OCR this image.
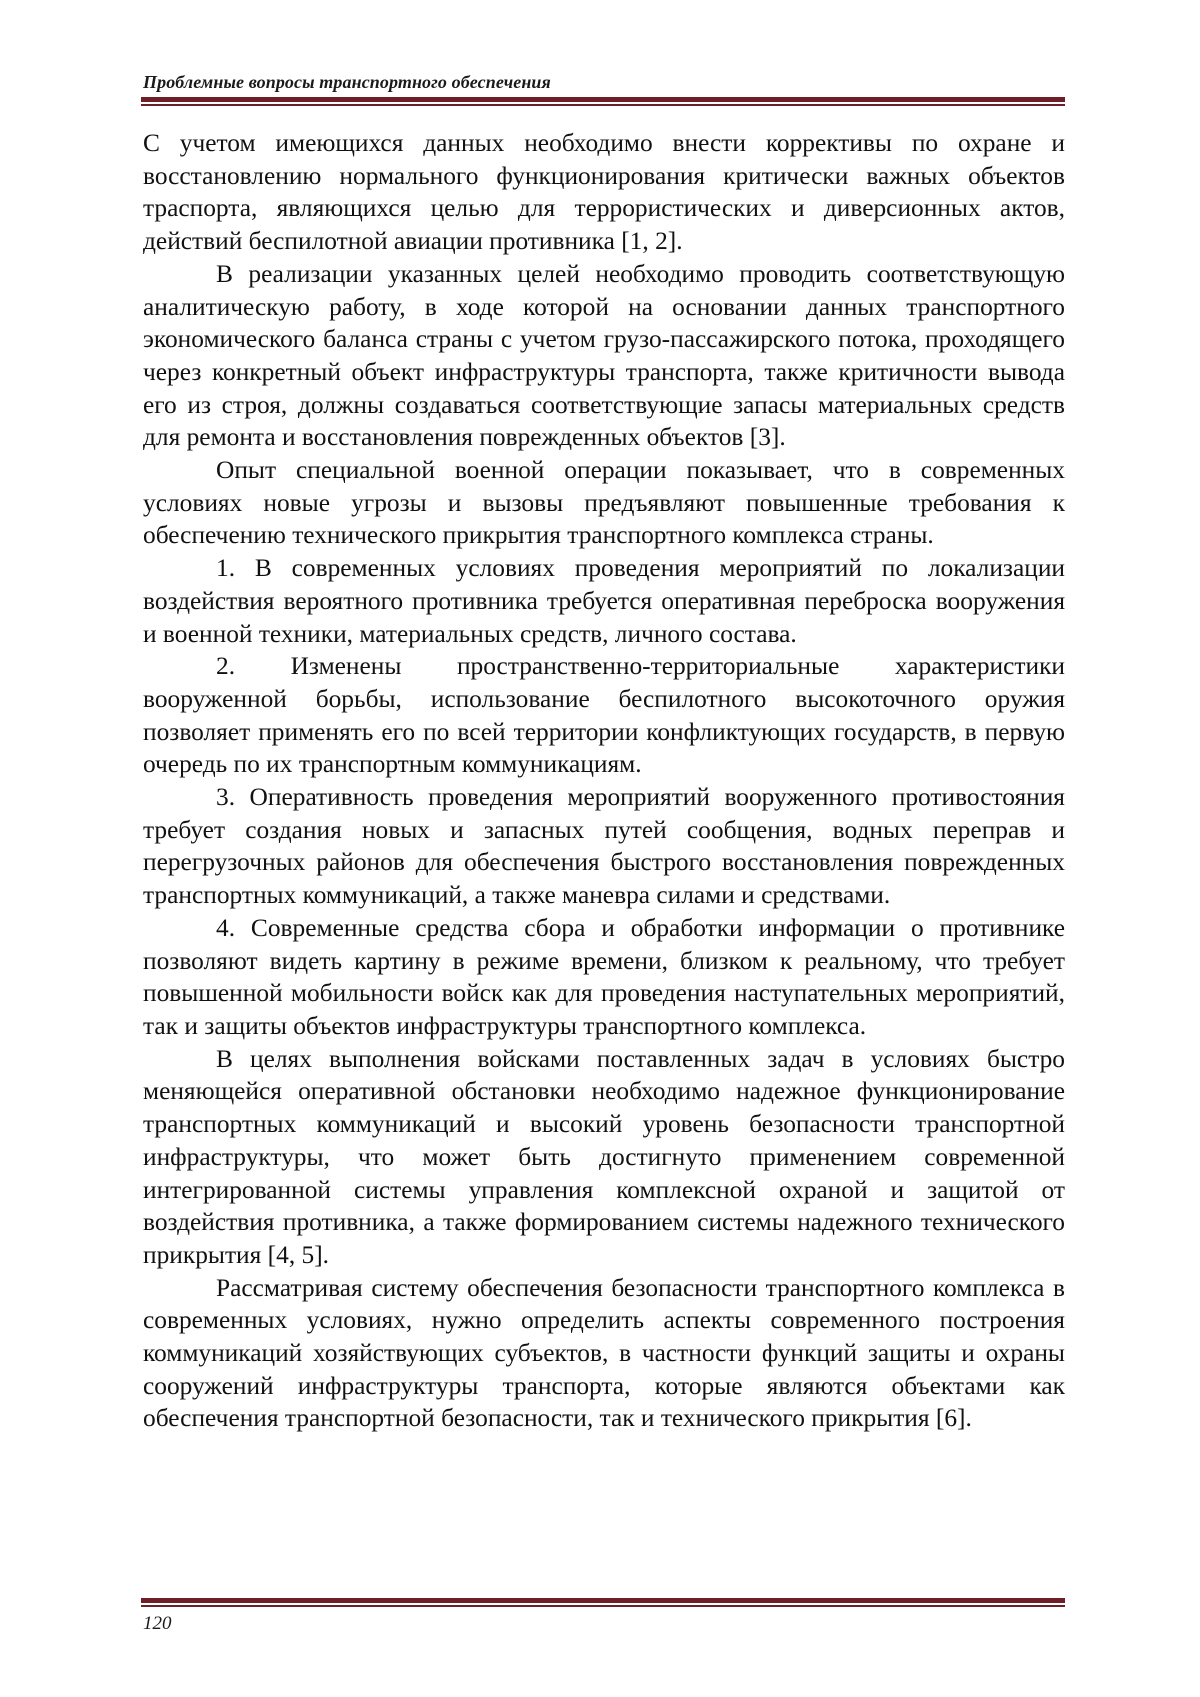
Проблемные вопросы транспортного обеспечения

С учетом имеющихся данных необходимо внести коррективы по охране и восстановлению нормального функционирования критически важных объектов траспорта, являющихся целью для террористических и диверсионных актов, действий беспилотной авиации противника [1, 2].

В реализации указанных целей необходимо проводить соответствующую аналитическую работу, в ходе которой на основании данных транспортного экономического баланса страны с учетом грузо-пассажирского потока, проходящего через конкретный объект инфраструктуры транспорта, также критичности вывода его из строя, должны создаваться соответствующие запасы материальных средств для ремонта и восстановления поврежденных объектов [3].

Опыт специальной военной операции показывает, что в современных условиях новые угрозы и вызовы предъявляют повышенные требования к обеспечению технического прикрытия транспортного комплекса страны.

1. В современных условиях проведения мероприятий по локализации воздействия вероятного противника требуется оперативная переброска вооружения и военной техники, материальных средств, личного состава.

2. Изменены пространственно-территориальные характеристики вооруженной борьбы, использование беспилотного высокоточного оружия позволяет применять его по всей территории конфликтующих государств, в первую очередь по их транспортным коммуникациям.

3. Оперативность проведения мероприятий вооруженного противостояния требует создания новых и запасных путей сообщения, водных переправ и перегрузочных районов для обеспечения быстрого восстановления поврежденных транспортных коммуникаций, а также маневра силами и средствами.

4. Современные средства сбора и обработки информации о противнике позволяют видеть картину в режиме времени, близком к реальному, что требует повышенной мобильности войск как для проведения наступательных мероприятий, так и защиты объектов инфраструктуры транспортного комплекса.

В целях выполнения войсками поставленных задач в условиях быстро меняющейся оперативной обстановки необходимо надежное функционирование транспортных коммуникаций и высокий уровень безопасности транспортной инфраструктуры, что может быть достигнуто применением современной интегрированной системы управления комплексной охраной и защитой от воздействия противника, а также формированием системы надежного технического прикрытия [4, 5].

Рассматривая систему обеспечения безопасности транспортного комплекса в современных условиях, нужно определить аспекты современного построения коммуникаций хозяйствующих субъектов, в частности функций защиты и охраны сооружений инфраструктуры транспорта, которые являются объектами как обеспечения транспортной безопасности, так и технического прикрытия [6].

120
